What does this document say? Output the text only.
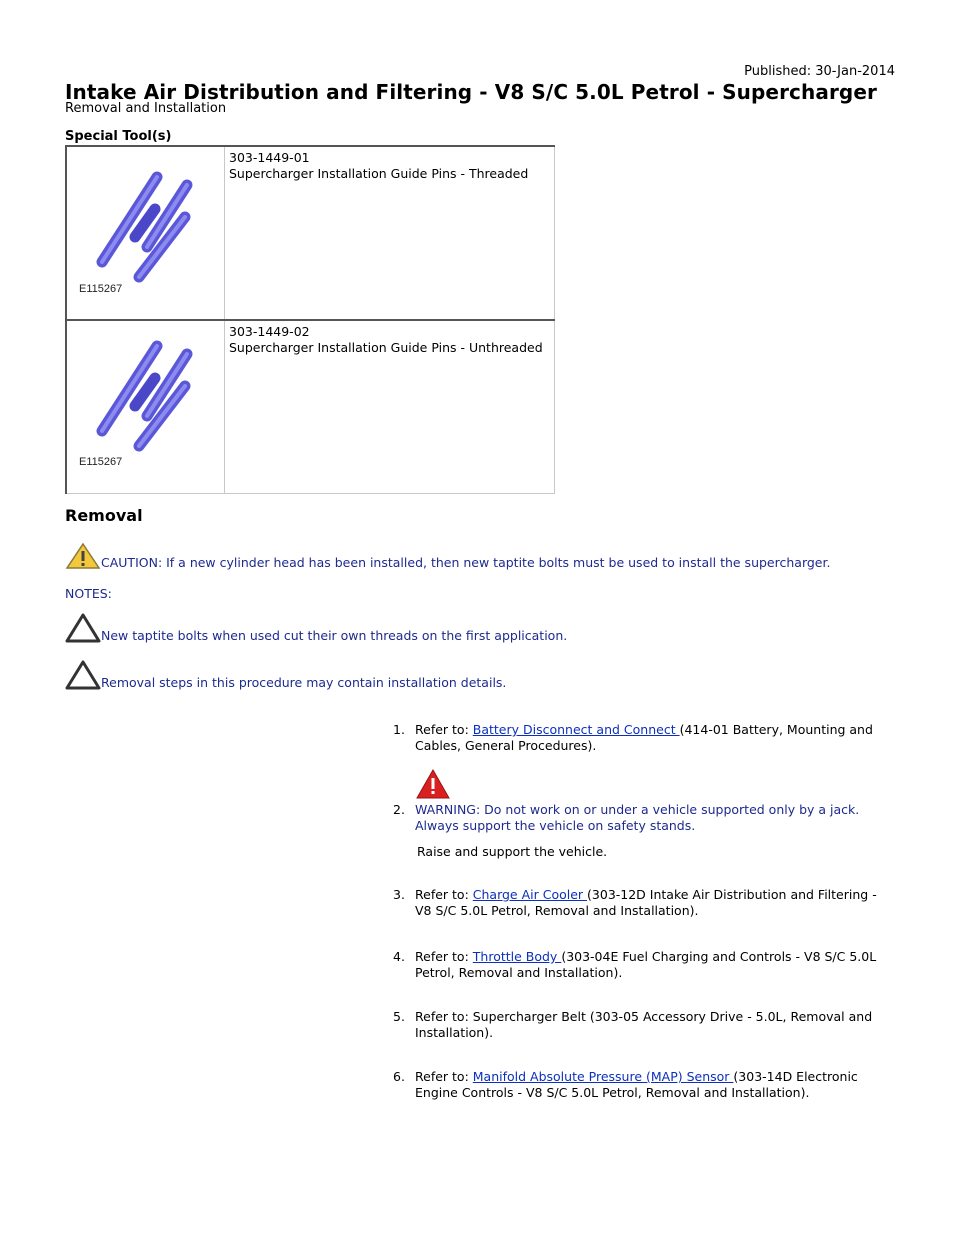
Published: 30-Jan-2014
Intake Air Distribution and Filtering - V8 S/C 5.0L Petrol - Supercharger
Removal and Installation
Special Tool(s)
E115267	303-1449-01
Supercharger Installation Guide Pins - Threaded

E115267	303-1449-02
Supercharger Installation Guide Pins - Unthreaded
Removal
CAUTION: If a new cylinder head has been installed, then new taptite bolts must be used to install the supercharger.
NOTES:
New taptite bolts when used cut their own threads on the first application.
Removal steps in this procedure may contain installation details.
1. Refer to: Battery Disconnect and Connect (414-01 Battery, Mounting and Cables, General Procedures).
2. WARNING: Do not work on or under a vehicle supported only by a jack. Always support the vehicle on safety stands.
Raise and support the vehicle.
3. Refer to: Charge Air Cooler (303-12D Intake Air Distribution and Filtering - V8 S/C 5.0L Petrol, Removal and Installation).
4. Refer to: Throttle Body (303-04E Fuel Charging and Controls - V8 S/C 5.0L Petrol, Removal and Installation).
5. Refer to: Supercharger Belt (303-05 Accessory Drive - 5.0L, Removal and Installation).
6. Refer to: Manifold Absolute Pressure (MAP) Sensor (303-14D Electronic Engine Controls - V8 S/C 5.0L Petrol, Removal and Installation).
